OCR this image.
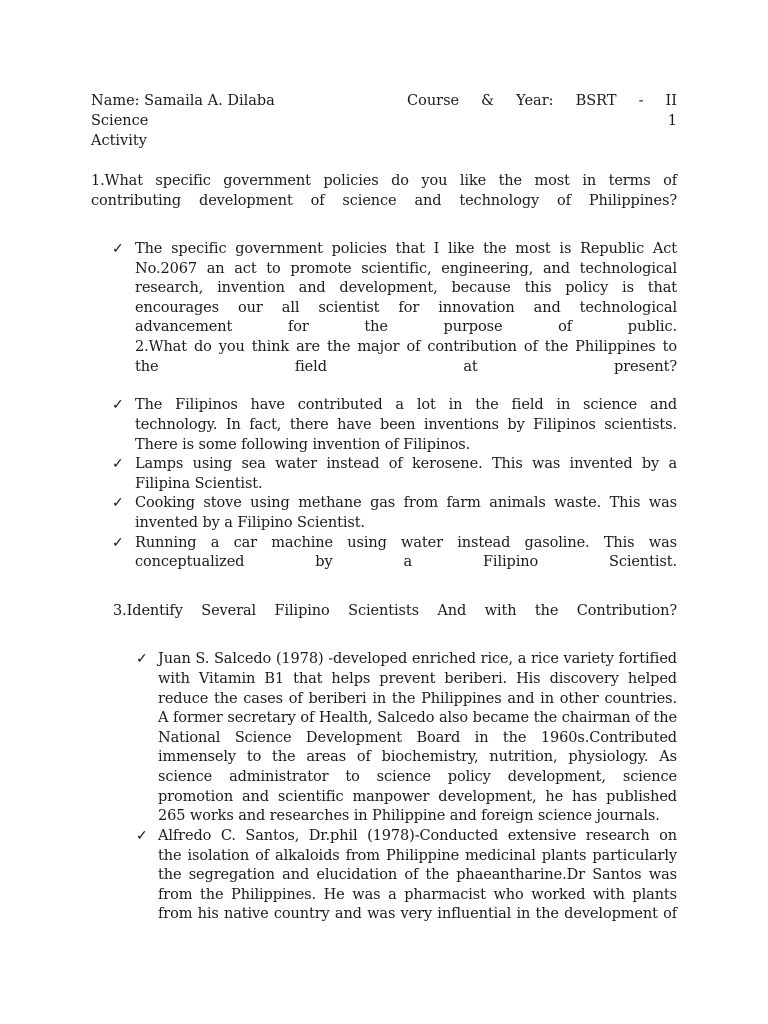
Name: Samaila A. Dilaba	Course & Year: BSRT - II
Science	1
Activity
1.What specific government policies do you like the most in terms of
contributing development of science and technology of Philippines?
✓ The specific government policies that I like the most is Republic Act
No.2067 an act to promote scientific, engineering, and technological
research, invention and development, because this policy is that
encourages our all scientist for innovation and technological
advancement for the purpose of public.
2.What do you think are the major of contribution of the Philippines to
the field at present?
✓ The Filipinos have contributed a lot in the field in science and
technology. In fact, there have been inventions by Filipinos scientists.
There is some following invention of Filipinos.
✓ Lamps using sea water instead of kerosene. This was invented by a
Filipina Scientist.
✓ Cooking stove using methane gas from farm animals waste. This was
invented by a Filipino Scientist.
✓ Running a car machine using water instead gasoline. This was
conceptualized by a Filipino Scientist.
3.Identify Several Filipino Scientists And with the Contribution?
✓ Juan S. Salcedo (1978) -developed enriched rice, a rice variety fortified
with Vitamin B1 that helps prevent beriberi. His discovery helped
reduce the cases of beriberi in the Philippines and in other countries.
A former secretary of Health, Salcedo also became the chairman of the
National Science Development Board in the 1960s.Contributed
immensely to the areas of biochemistry, nutrition, physiology. As
science administrator to science policy development, science
promotion and scientific manpower development, he has published
265 works and researches in Philippine and foreign science journals.
✓ Alfredo C. Santos, Dr.phil (1978)-Conducted extensive research on
the isolation of alkaloids from Philippine medicinal plants particularly
the segregation and elucidation of the phaeantharine.Dr Santos was
from the Philippines. He was a pharmacist who worked with plants
from his native country and was very influential in the development of
